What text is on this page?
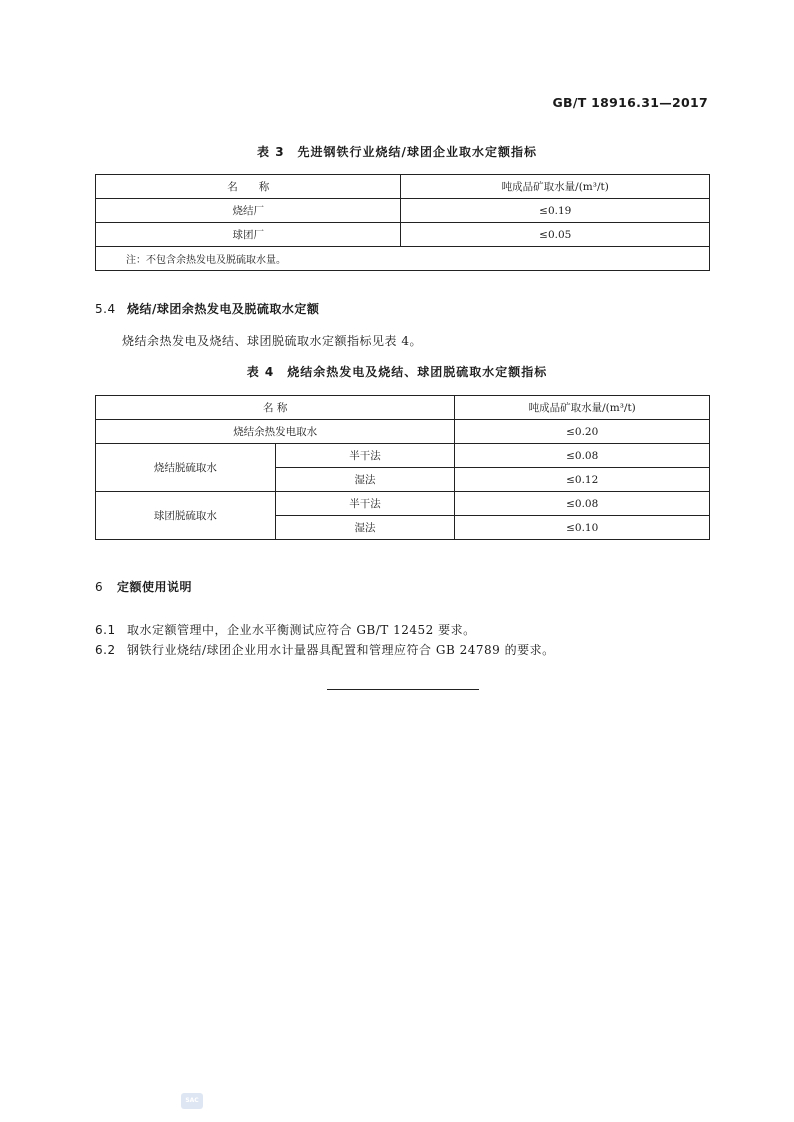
GB/T 18916.31—2017
表 3　先进钢铁行业烧结/球团企业取水定额指标
名　　称	吨成品矿取水量/(m³/t)
烧结厂	≤0.19
球团厂	≤0.05
注：不包含余热发电及脱硫取水量。	
5.4 烧结/球团余热发电及脱硫取水定额
烧结余热发电及烧结、球团脱硫取水定额指标见表 4。
表 4　烧结余热发电及烧结、球团脱硫取水定额指标
名 称		吨成品矿取水量/(m³/t)
烧结余热发电取水		≤0.20
烧结脱硫取水	半干法	≤0.08
	湿法	≤0.12
球团脱硫取水	半干法	≤0.08
	湿法	≤0.10
6 定额使用说明
6.1 取水定额管理中，企业水平衡测试应符合 GB/T 12452 要求。
6.2 钢铁行业烧结/球团企业用水计量器具配置和管理应符合 GB 24789 的要求。
SAC
